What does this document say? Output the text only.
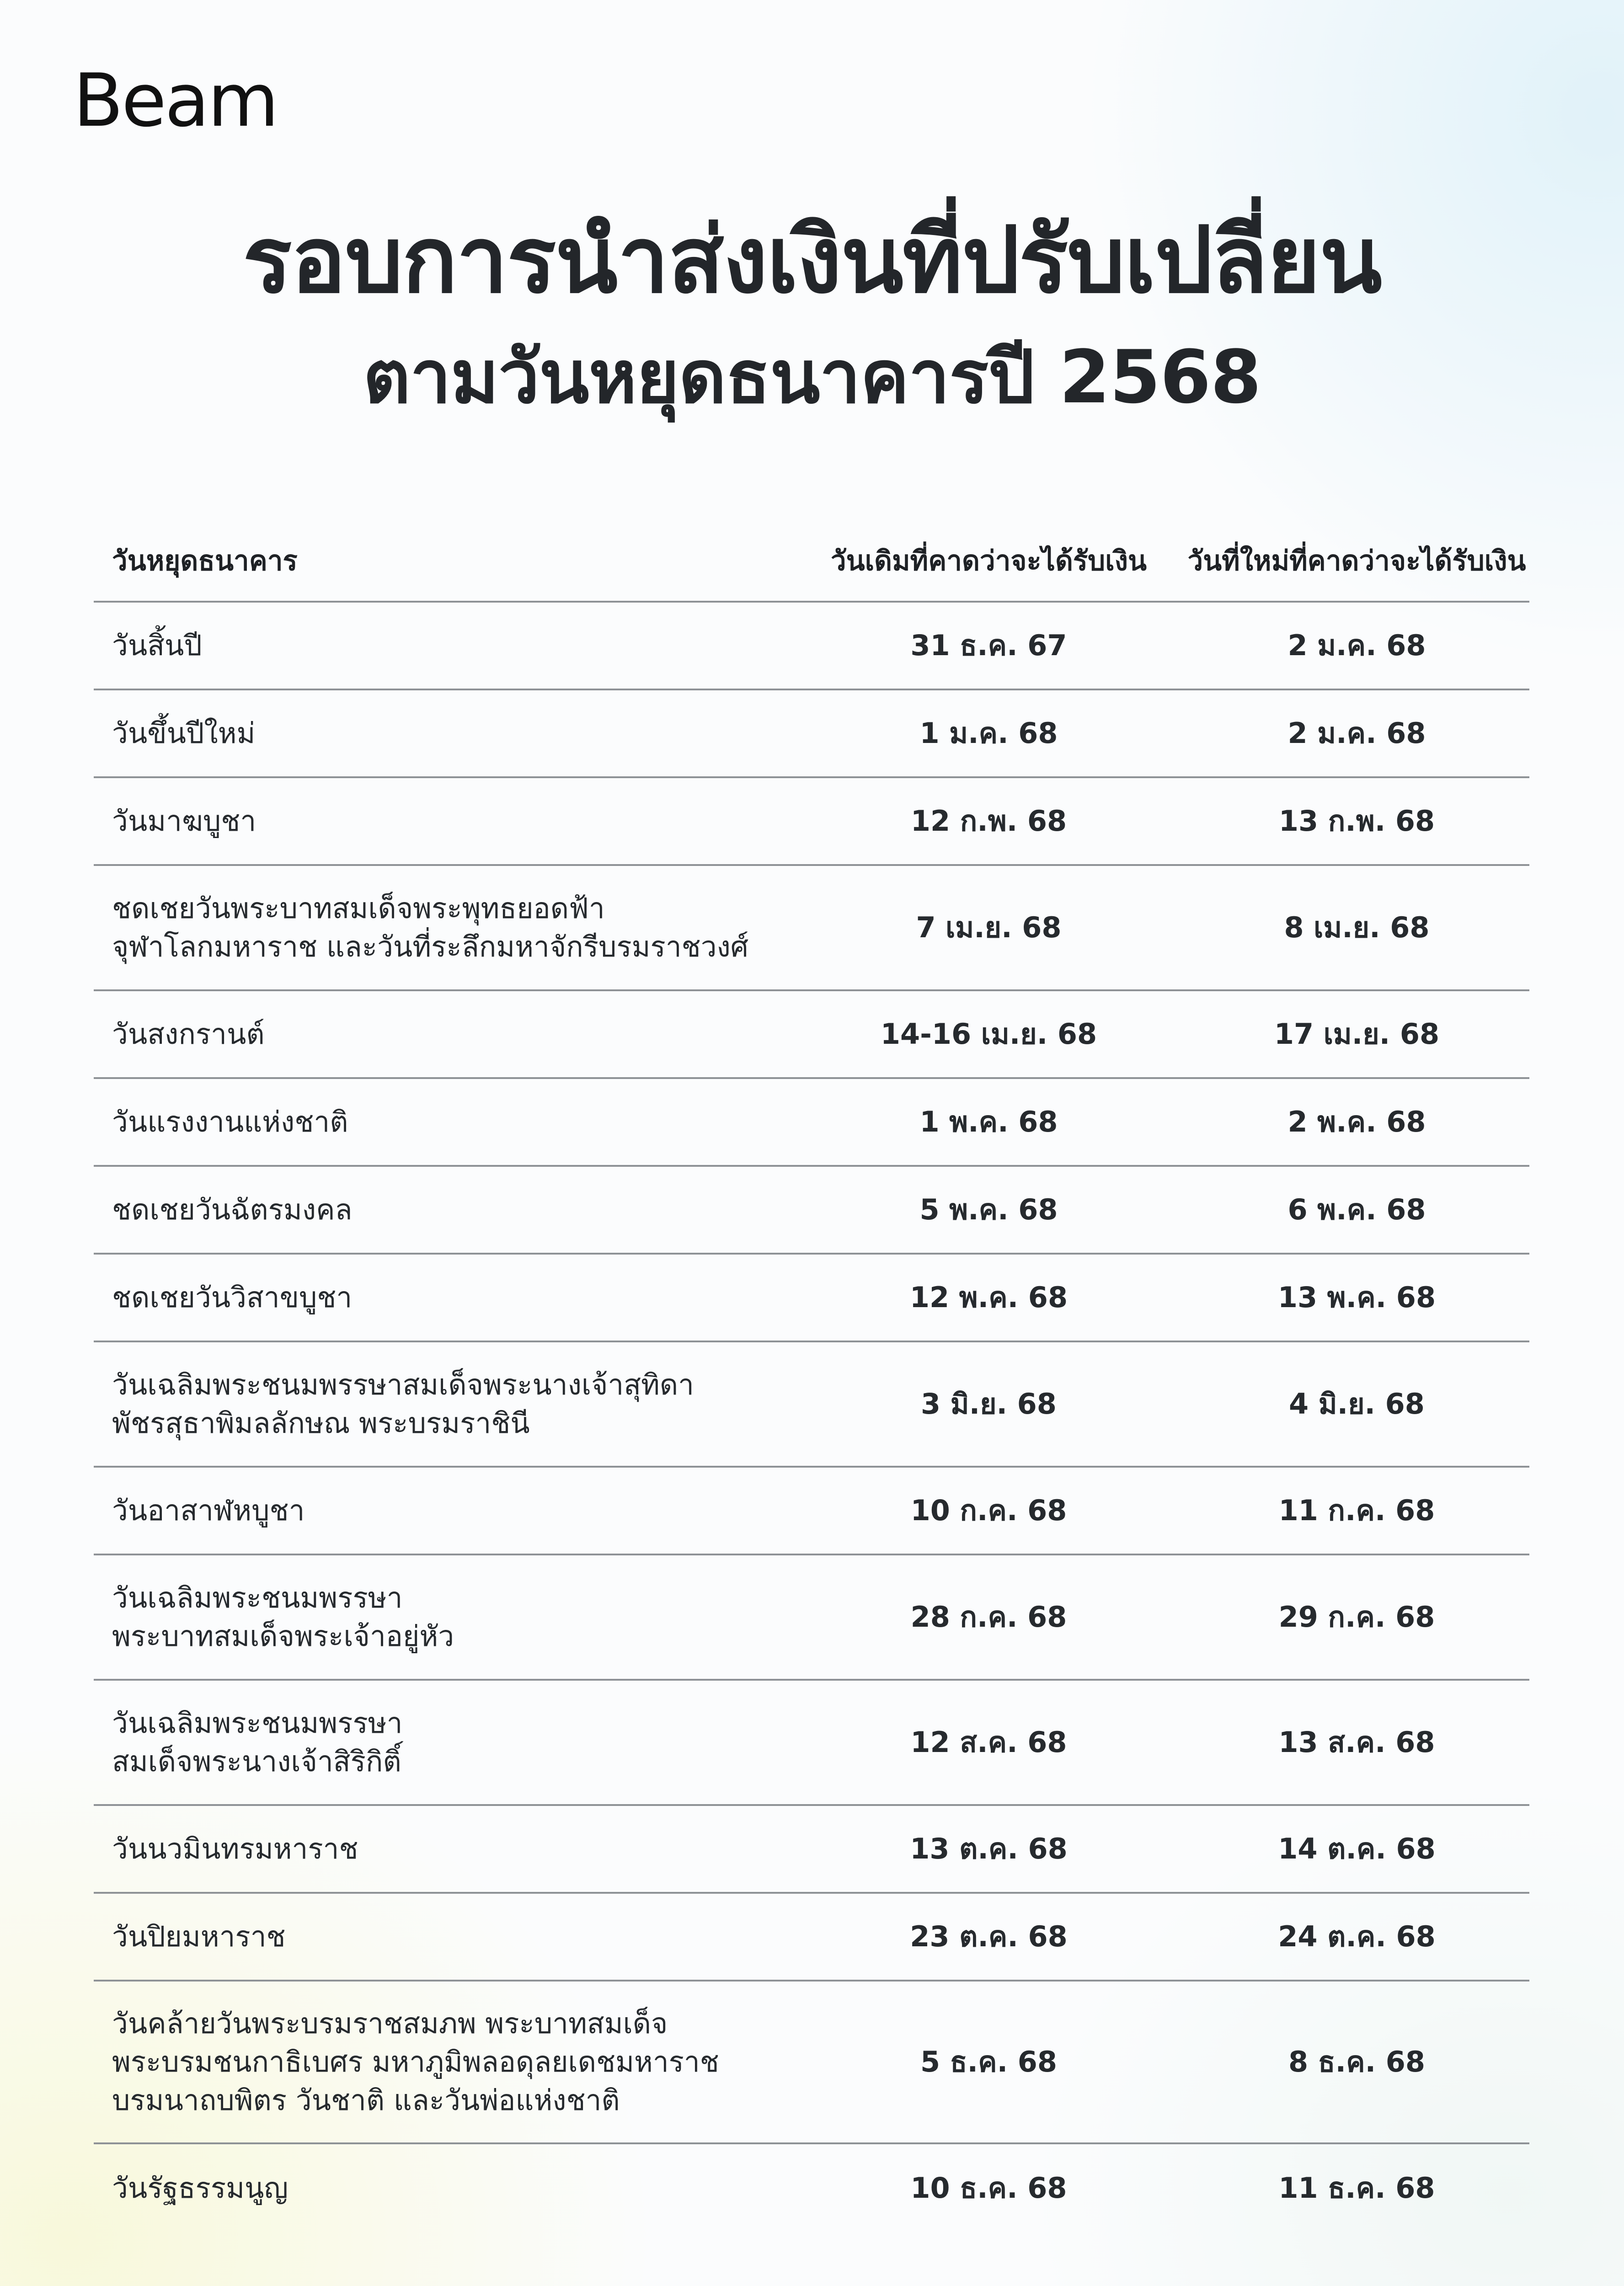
Beam
รอบการนำส่งเงินที่ปรับเปลี่ยน
ตามวันหยุดธนาคารปี 2568
วันหยุดธนาคาร	วันเดิมที่คาดว่าจะได้รับเงิน	วันที่ใหม่ที่คาดว่าจะได้รับเงิน
วันสิ้นปี	31 ธ.ค. 67	2 ม.ค. 68
วันขึ้นปีใหม่	1 ม.ค. 68	2 ม.ค. 68
วันมาฆบูชา	12 ก.พ. 68	13 ก.พ. 68
ชดเชยวันพระบาทสมเด็จพระพุทธยอดฟ้า
จุฬาโลกมหาราช และวันที่ระลึกมหาจักรีบรมราชวงศ์
7 เม.ย. 68	8 เม.ย. 68
วันสงกรานต์	14-16 เม.ย. 68	17 เม.ย. 68
วันแรงงานแห่งชาติ	1 พ.ค. 68	2 พ.ค. 68
ชดเชยวันฉัตรมงคล	5 พ.ค. 68	6 พ.ค. 68
ชดเชยวันวิสาขบูชา	12 พ.ค. 68	13 พ.ค. 68
วันเฉลิมพระชนมพรรษาสมเด็จพระนางเจ้าสุทิดา
พัชรสุธาพิมลลักษณ พระบรมราชินี
3 มิ.ย. 68	4 มิ.ย. 68
วันอาสาฬหบูชา	10 ก.ค. 68	11 ก.ค. 68
วันเฉลิมพระชนมพรรษา
พระบาทสมเด็จพระเจ้าอยู่หัว
28 ก.ค. 68	29 ก.ค. 68
วันเฉลิมพระชนมพรรษา
สมเด็จพระนางเจ้าสิริกิติ์
12 ส.ค. 68	13 ส.ค. 68
วันนวมินทรมหาราช	13 ต.ค. 68	14 ต.ค. 68
วันปิยมหาราช	23 ต.ค. 68	24 ต.ค. 68
วันคล้ายวันพระบรมราชสมภพ พระบาทสมเด็จ
พระบรมชนกาธิเบศร มหาภูมิพลอดุลยเดชมหาราช
บรมนาถบพิตร วันชาติ และวันพ่อแห่งชาติ
5 ธ.ค. 68	8 ธ.ค. 68
วันรัฐธรรมนูญ	10 ธ.ค. 68	11 ธ.ค. 68
